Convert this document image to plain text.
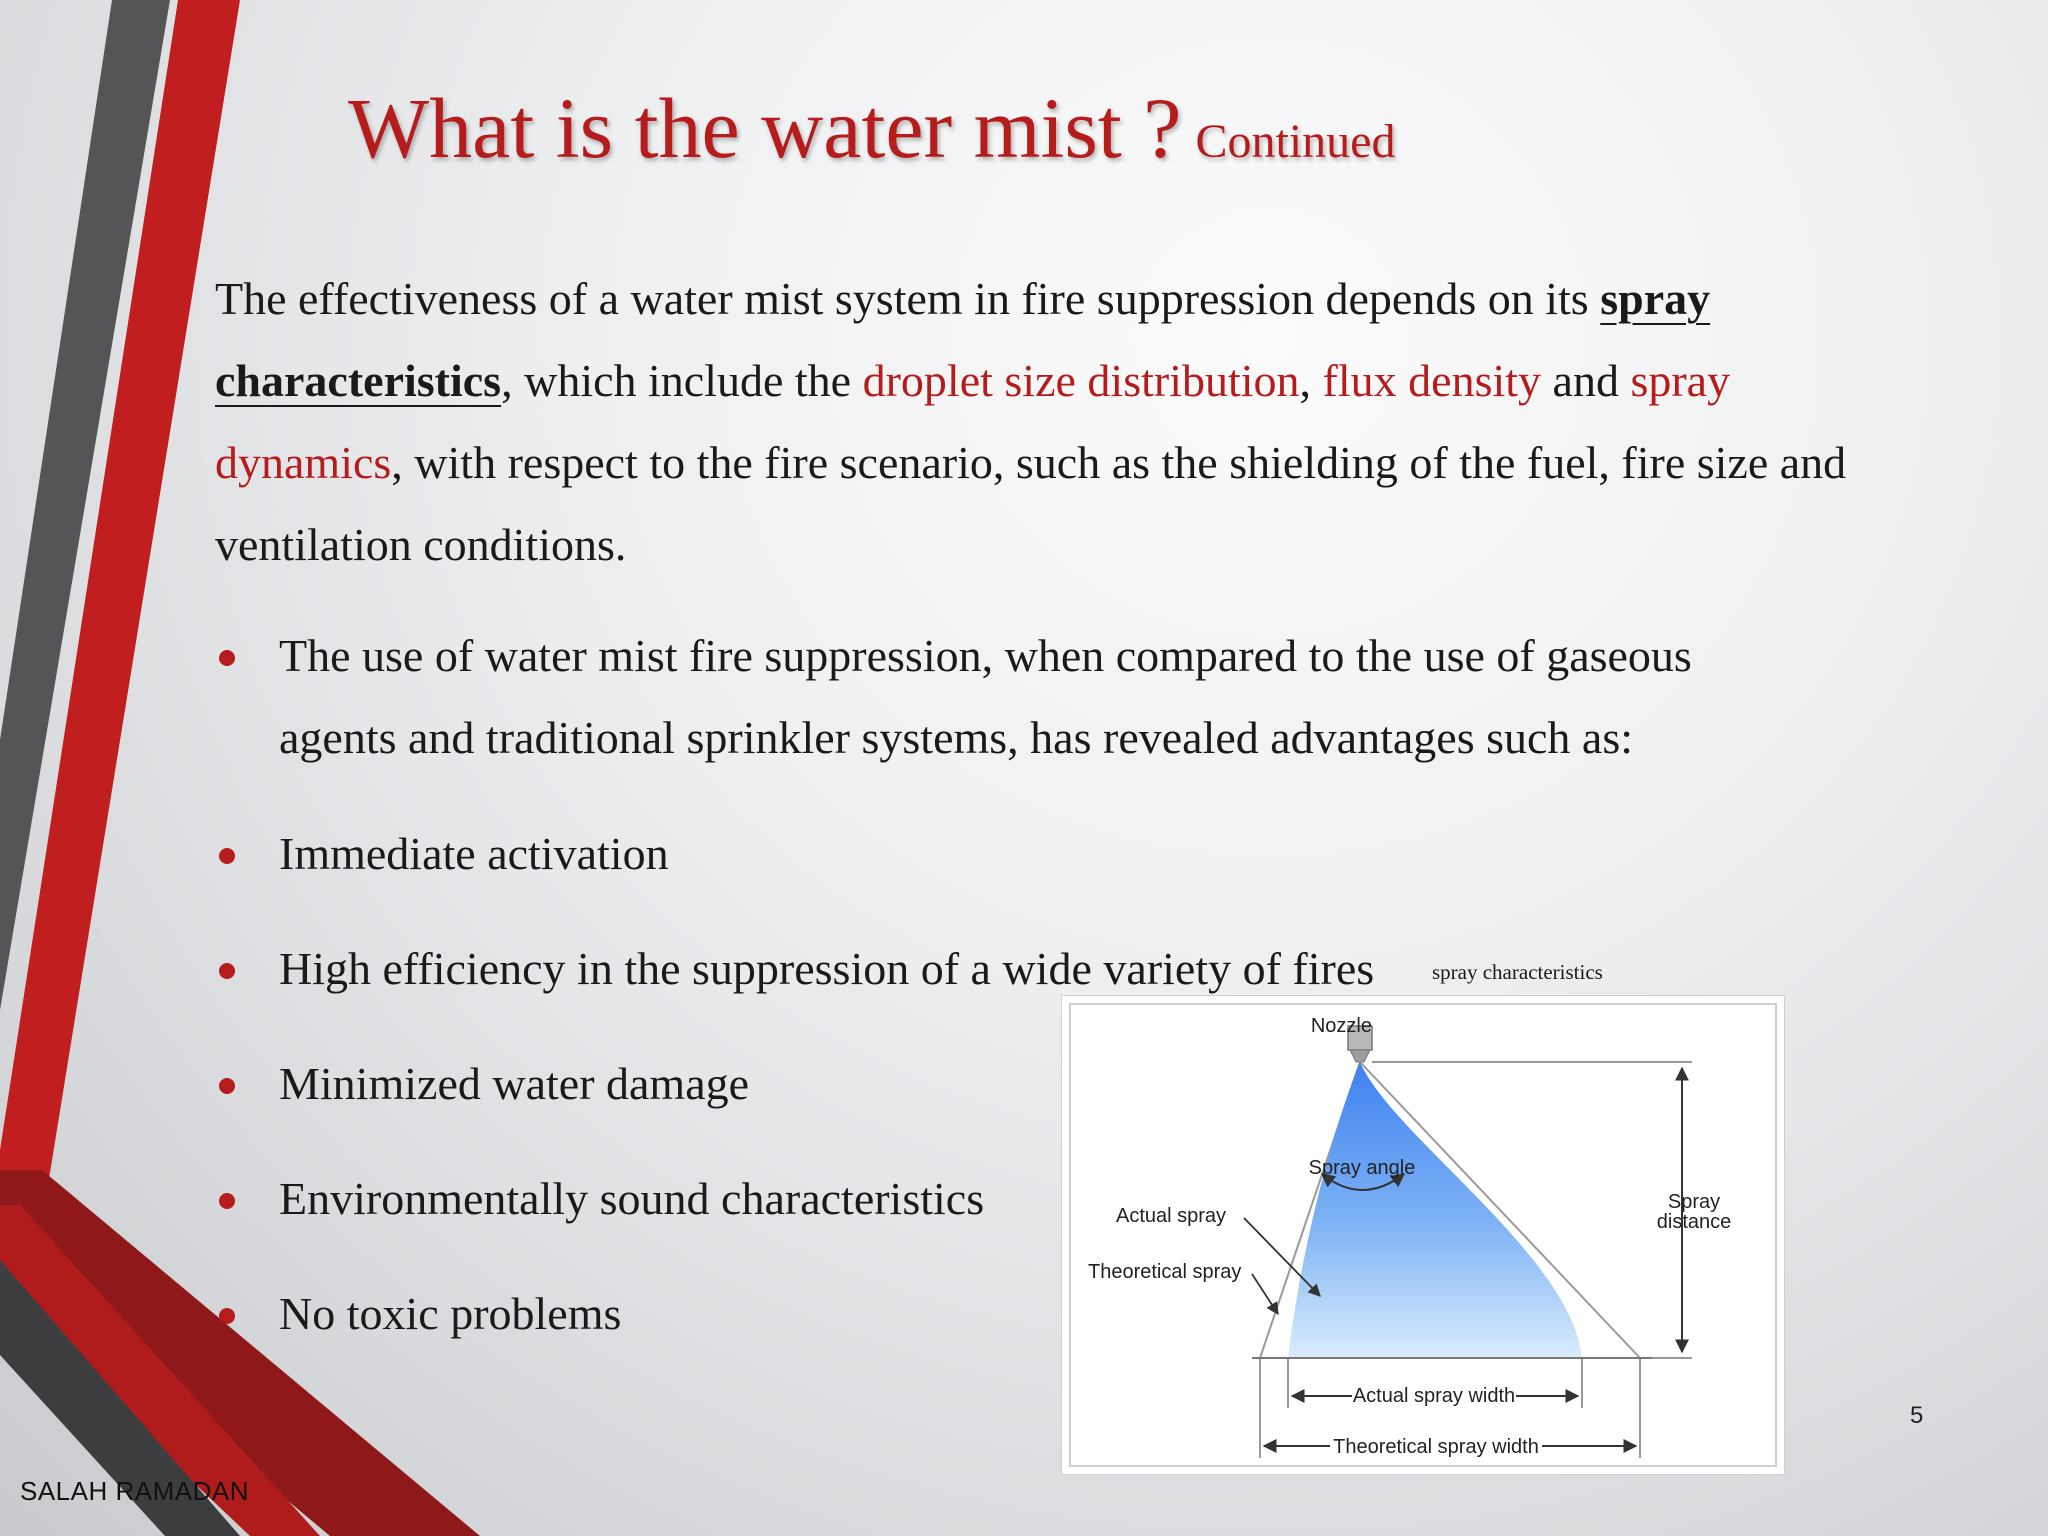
What is the water mist ? Continued

The effectiveness of a water mist system in fire suppression depends on its spray characteristics, which include the droplet size distribution, flux density and spray dynamics, with respect to the fire scenario, such as the shielding of the fuel, fire size and ventilation conditions.

The use of water mist fire suppression, when compared to the use of gaseous agents and traditional sprinkler systems, has revealed advantages such as:
Immediate activation
High efficiency in the suppression of a wide variety of fires
Minimized water damage
Environmentally sound characteristics
No toxic problems
spray characteristics
Nozzle
Spray angle
Actual spray
Theoretical spray
Spray
distance
Actual spray width
Theoretical spray width
5
SALAH RAMADAN
